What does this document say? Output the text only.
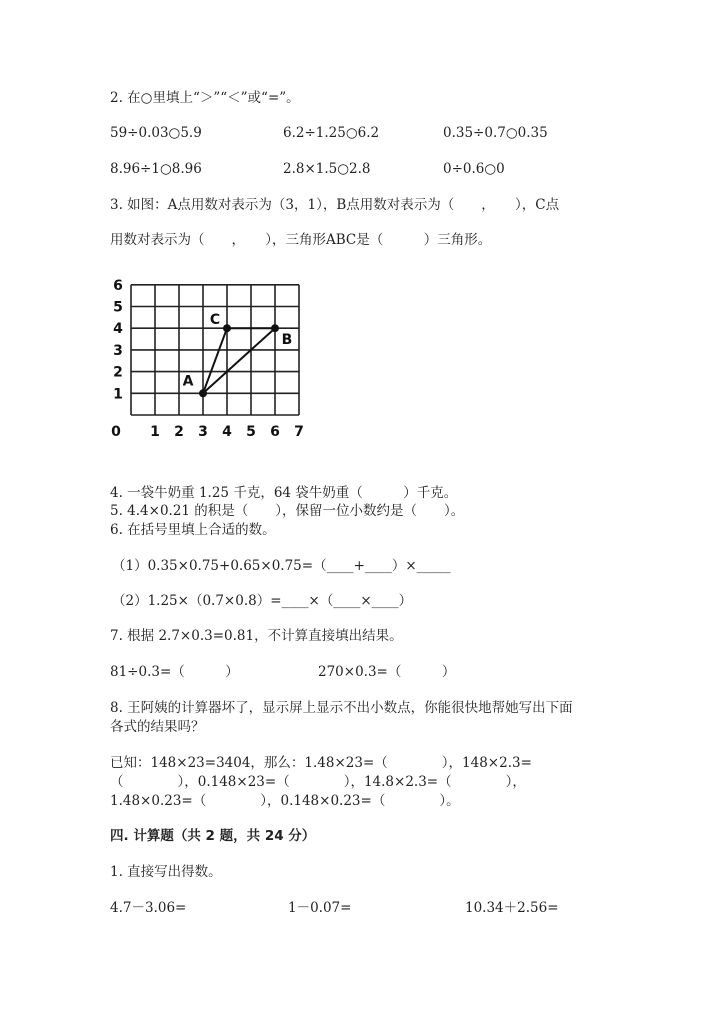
2. 在○里填上“＞”“＜”或“=”。
59÷0.03○5.9	6.2÷1.25○6.2	0.35÷0.7○0.35
8.96÷1○8.96	2.8×1.5○2.8	0÷0.6○0
3. 如图：A点用数对表示为（3，1），B点用数对表示为（　　，　　），C点
用数对表示为（　　，　　），三角形ABC是（　　　）三角形。
0 1 2 3 4 5 6 7
1
2
3
4
5
6
A
C
B
4. 一袋牛奶重 1.25 千克，64 袋牛奶重（　　　）千克。
5. 4.4×0.21 的积是（　　），保留一位小数约是（　　）。
6. 在括号里填上合适的数。
（1）0.35×0.75+0.65×0.75=（____+____）×_____
（2）1.25×（0.7×0.8）=____×（____×____）
7. 根据 2.7×0.3=0.81，不计算直接填出结果。
81÷0.3=（　　　）	270×0.3=（　　　）
8. 王阿姨的计算器坏了，显示屏上显示不出小数点，你能很快地帮她写出下面
各式的结果吗？
已知：148×23=3404，那么：1.48×23=（　　　　），148×2.3=
（　　　　），0.148×23=（　　　　），14.8×2.3=（　　　　），
1.48×0.23=（　　　　），0.148×0.23=（　　　　）。
四. 计算题（共 2 题，共 24 分）
1. 直接写出得数。
4.7－3.06=	1－0.07=	10.34＋2.56=
